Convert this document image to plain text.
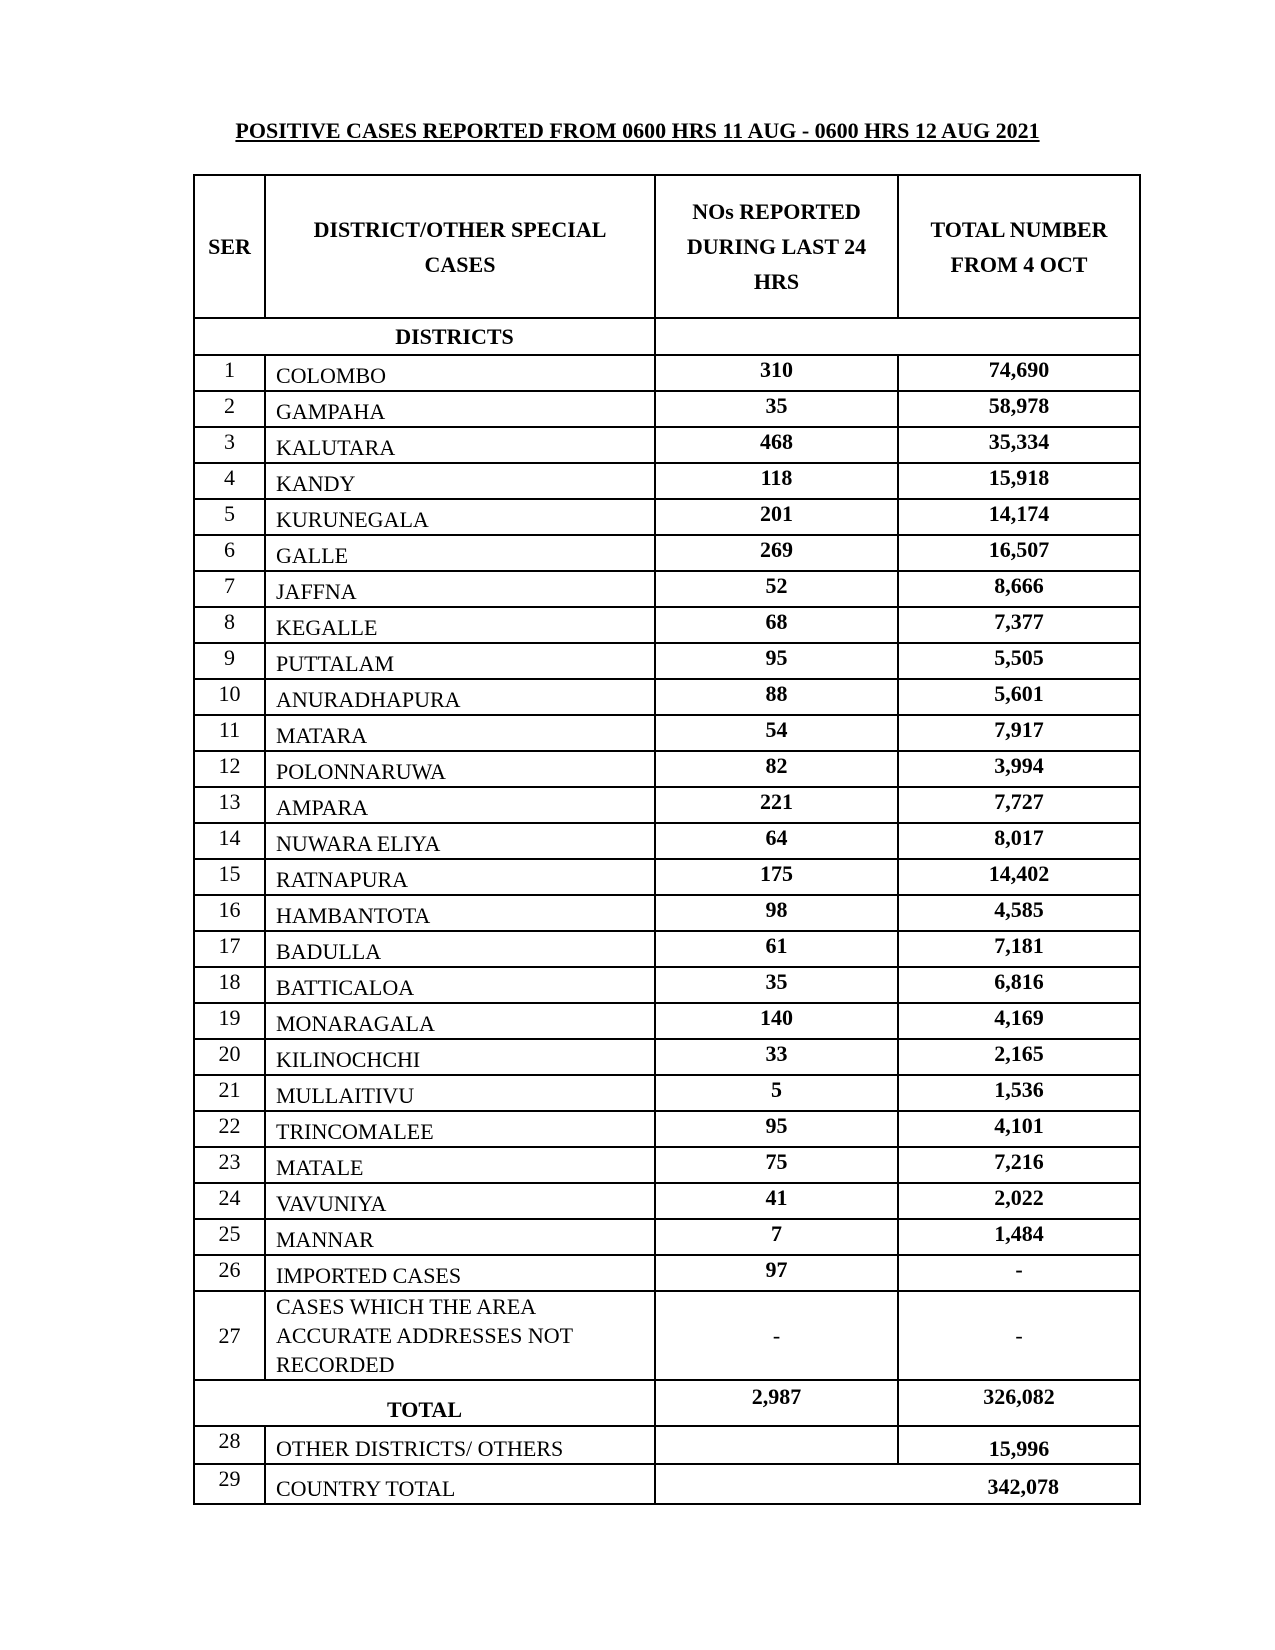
POSITIVE CASES REPORTED FROM 0600 HRS 11 AUG - 0600 HRS 12 AUG 2021
SER	DISTRICT/OTHER SPECIAL CASES	NOs REPORTED DURING LAST 24 HRS	TOTAL NUMBER FROM 4 OCT
DISTRICTS			
1	COLOMBO	310	74,690
2	GAMPAHA	35	58,978
3	KALUTARA	468	35,334
4	KANDY	118	15,918
5	KURUNEGALA	201	14,174
6	GALLE	269	16,507
7	JAFFNA	52	8,666
8	KEGALLE	68	7,377
9	PUTTALAM	95	5,505
10	ANURADHAPURA	88	5,601
11	MATARA	54	7,917
12	POLONNARUWA	82	3,994
13	AMPARA	221	7,727
14	NUWARA ELIYA	64	8,017
15	RATNAPURA	175	14,402
16	HAMBANTOTA	98	4,585
17	BADULLA	61	7,181
18	BATTICALOA	35	6,816
19	MONARAGALA	140	4,169
20	KILINOCHCHI	33	2,165
21	MULLAITIVU	5	1,536
22	TRINCOMALEE	95	4,101
23	MATALE	75	7,216
24	VAVUNIYA	41	2,022
25	MANNAR	7	1,484
26	IMPORTED CASES	97	-
27	CASES WHICH THE AREA
ACCURATE ADDRESSES NOT
RECORDED	-	-
TOTAL		2,987	326,082
28	OTHER DISTRICTS/ OTHERS		15,996
29	COUNTRY TOTAL	342,078	
